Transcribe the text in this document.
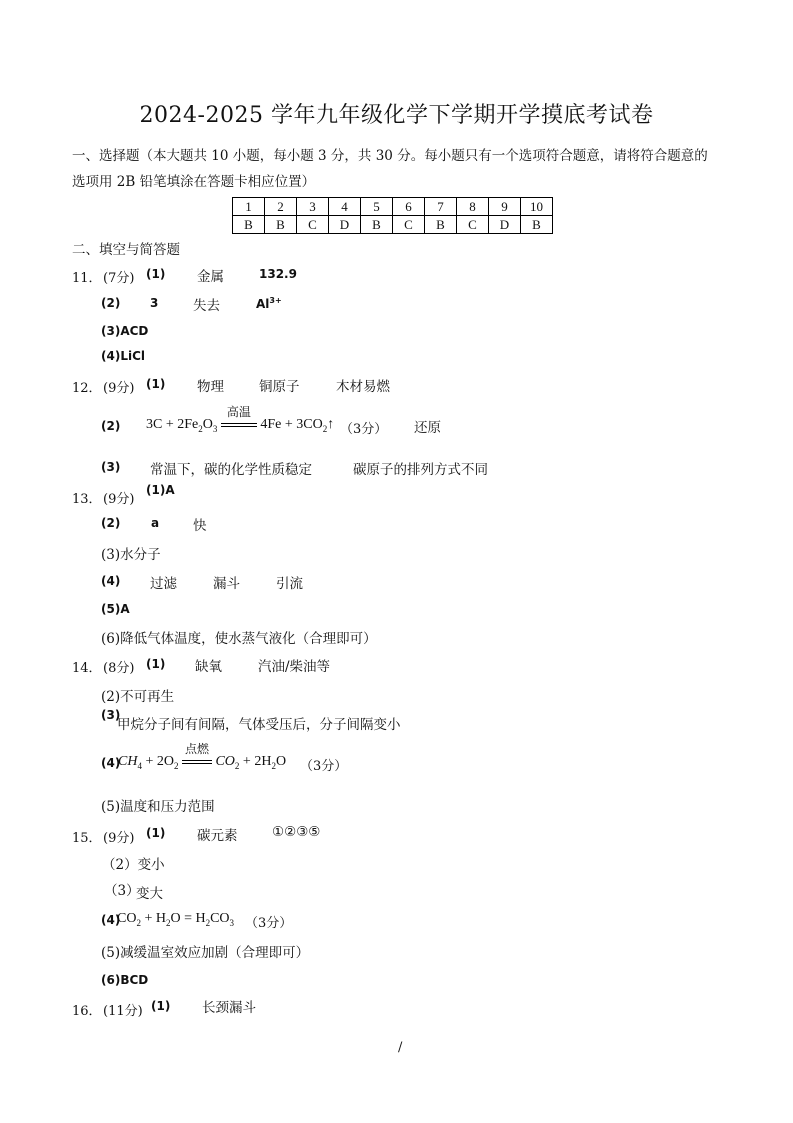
2024-2025 学年九年级化学下学期开学摸底考试卷
一、选择题（本大题共 10 小题，每小题 3 分，共 30 分。每小题只有一个选项符合题意，请将符合题意的
选项用 2B 铅笔填涂在答题卡相应位置）
1	2	3	4	5	6	7	8	9	10
B	B	C	D	B	C	B	C	D	B
二、填空与简答题
11． (7分) (1) 金属	132.9
(2) 3	失去	$Al^{3+}$
(3)ACD
(4)LiCl
12． (9分) (1) 物理	铜原子	木材易燃
(2) $3C + 2Fe_2O_3$
高温
$4Fe + 3CO_2↑$ （3分） 还原
(3) 常温下，碳的化学性质稳定	碳原子的排列方式不同
13． (9分)
(1)A
(2)	a	快
(3)水分子
(4) 过滤	漏斗	引流
(5)A
(6)降低气体温度，使水蒸气液化（合理即可）
14． (8分) (1) 缺氧	汽油/柴油等
(2)不可再生
(3)
甲烷分子间有间隔，气体受压后，分子间隔变小
(4)
$CH_4 + 2O_2$
点燃
$CO_2 + 2H_2O$ （3分）
(5)温度和压力范围
15． (9分) (1) 碳元素	①②③⑤
（2）变小
（3）
变大
(4)
$CO_2 + H_2O = H_2CO_3$ （3分）
(5)减缓温室效应加剧（合理即可）
(6)BCD
16． (11分) (1) 长颈漏斗
/
